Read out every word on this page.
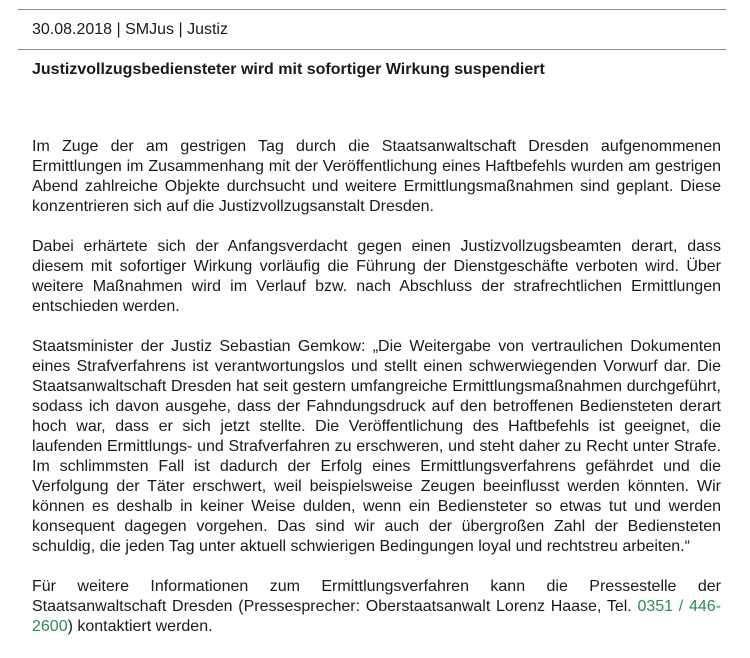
30.08.2018 | SMJus | Justiz
Justizvollzugsbediensteter wird mit sofortiger Wirkung suspendiert

Im Zuge der am gestrigen Tag durch die Staatsanwaltschaft Dresden aufgenommenen Ermittlungen im Zusammenhang mit der Veröffentlichung eines Haftbefehls wurden am gestrigen Abend zahlreiche Objekte durchsucht und weitere Ermittlungsmaßnahmen sind geplant. Diese konzentrieren sich auf die Justizvollzugsanstalt Dresden.

Dabei erhärtete sich der Anfangsverdacht gegen einen Justizvollzugsbeamten derart, dass diesem mit sofortiger Wirkung vorläufig die Führung der Dienstgeschäfte verboten wird. Über weitere Maßnahmen wird im Verlauf bzw. nach Abschluss der strafrechtlichen Ermittlungen entschieden werden.

Staatsminister der Justiz Sebastian Gemkow: „Die Weitergabe von vertraulichen Dokumenten eines Strafverfahrens ist verantwortungslos und stellt einen schwerwiegenden Vorwurf dar. Die Staatsanwaltschaft Dresden hat seit gestern umfangreiche Ermittlungsmaßnahmen durchgeführt, sodass ich davon ausgehe, dass der Fahndungsdruck auf den betroffenen Bediensteten derart hoch war, dass er sich jetzt stellte. Die Veröffentlichung des Haftbefehls ist geeignet, die laufenden Ermittlungs- und Strafverfahren zu erschweren, und steht daher zu Recht unter Strafe. Im schlimmsten Fall ist dadurch der Erfolg eines Ermittlungsverfahrens gefährdet und die Verfolgung der Täter erschwert, weil beispielsweise Zeugen beeinflusst werden könnten. Wir können es deshalb in keiner Weise dulden, wenn ein Bediensteter so etwas tut und werden konsequent dagegen vorgehen. Das sind wir auch der übergroßen Zahl der Bediensteten schuldig, die jeden Tag unter aktuell schwierigen Bedingungen loyal und rechtstreu arbeiten.“

Für weitere Informationen zum Ermittlungsverfahren kann die Pressestelle der Staatsanwaltschaft Dresden (Pressesprecher: Oberstaatsanwalt Lorenz Haase, Tel. 0351 / 446-2600) kontaktiert werden.
